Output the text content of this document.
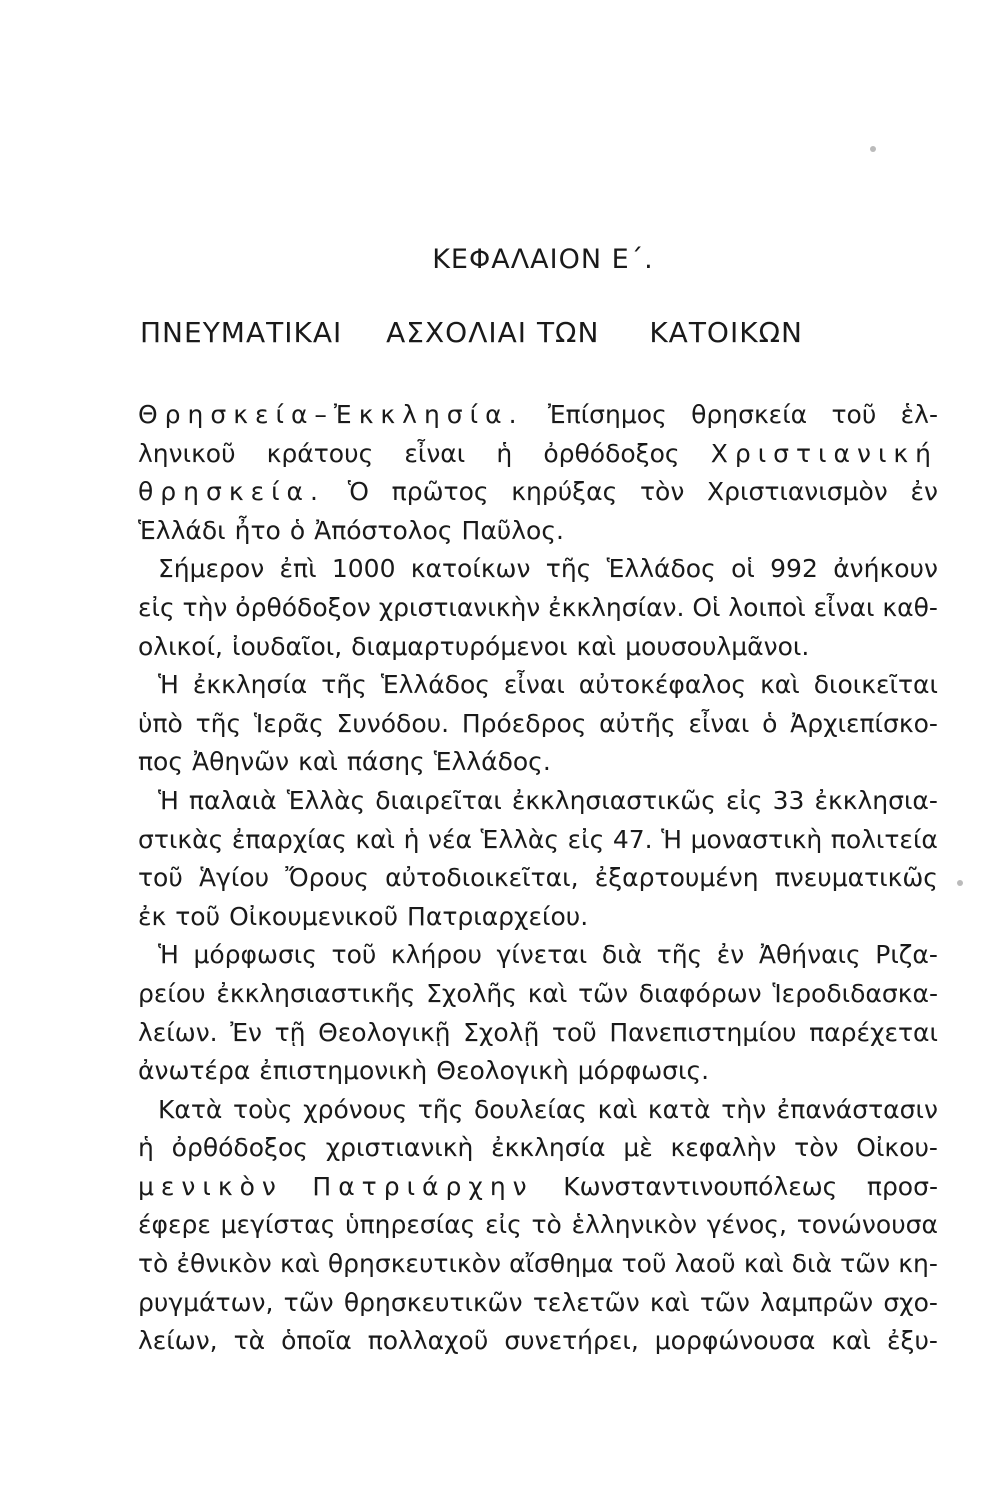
ΚΕΦΑΛΑΙΟΝ Ε΄.
ΠΝΕΥΜΑΤΙΚΑΙ ΑΣΧΟΛΙΑΙ ΤΩΝ ΚΑΤΟΙΚΩΝ
Θρησκεία–Ἐκκλησία. Ἐπίσημος θρησκεία τοῦ ἑλ-
ληνικοῦ κράτους εἶναι ἡ ὀρθόδοξος Χριστιανική
θρησκεία. Ὁ πρῶτος κηρύξας τὸν Χριστιανισμὸν ἐν
Ἑλλάδι ἦτο ὁ Ἀπόστολος Παῦλος.
Σήμερον ἐπὶ 1000 κατοίκων τῆς Ἑλλάδος οἱ 992 ἀνήκουν
εἰς τὴν ὀρθόδοξον χριστιανικὴν ἐκκλησίαν. Οἱ λοιποὶ εἶναι καθ-
ολικοί, ἰουδαῖοι, διαμαρτυρόμενοι καὶ μουσουλμᾶνοι.
Ἡ ἐκκλησία τῆς Ἑλλάδος εἶναι αὐτοκέφαλος καὶ διοικεῖται
ὑπὸ τῆς Ἱερᾶς Συνόδου. Πρόεδρος αὐτῆς εἶναι ὁ Ἀρχιεπίσκο-
πος Ἀθηνῶν καὶ πάσης Ἑλλάδος.
Ἡ παλαιὰ Ἑλλὰς διαιρεῖται ἐκκλησιαστικῶς εἰς 33 ἐκκλησια-
στικὰς ἐπαρχίας καὶ ἡ νέα Ἑλλὰς εἰς 47. Ἡ μοναστικὴ πολιτεία
τοῦ Ἁγίου Ὄρους αὐτοδιοικεῖται, ἐξαρτουμένη πνευματικῶς
ἐκ τοῦ Οἰκουμενικοῦ Πατριαρχείου.
Ἡ μόρφωσις τοῦ κλήρου γίνεται διὰ τῆς ἐν Ἀθήναις Ριζα-
ρείου ἐκκλησιαστικῆς Σχολῆς καὶ τῶν διαφόρων Ἱεροδιδασκα-
λείων. Ἐν τῇ Θεολογικῇ Σχολῇ τοῦ Πανεπιστημίου παρέχεται
ἀνωτέρα ἐπιστημονικὴ Θεολογικὴ μόρφωσις.
Κατὰ τοὺς χρόνους τῆς δουλείας καὶ κατὰ τὴν ἐπανάστασιν
ἡ ὀρθόδοξος χριστιανικὴ ἐκκλησία μὲ κεφαλὴν τὸν Οἰκου-
μενικὸν Πατριάρχην Κωνσταντινουπόλεως προσ-
έφερε μεγίστας ὑπηρεσίας εἰς τὸ ἑλληνικὸν γένος, τονώνουσα
τὸ ἐθνικὸν καὶ θρησκευτικὸν αἴσθημα τοῦ λαοῦ καὶ διὰ τῶν κη-
ρυγμάτων, τῶν θρησκευτικῶν τελετῶν καὶ τῶν λαμπρῶν σχο-
λείων, τὰ ὁποῖα πολλαχοῦ συνετήρει, μορφώνουσα καὶ ἐξυ-
